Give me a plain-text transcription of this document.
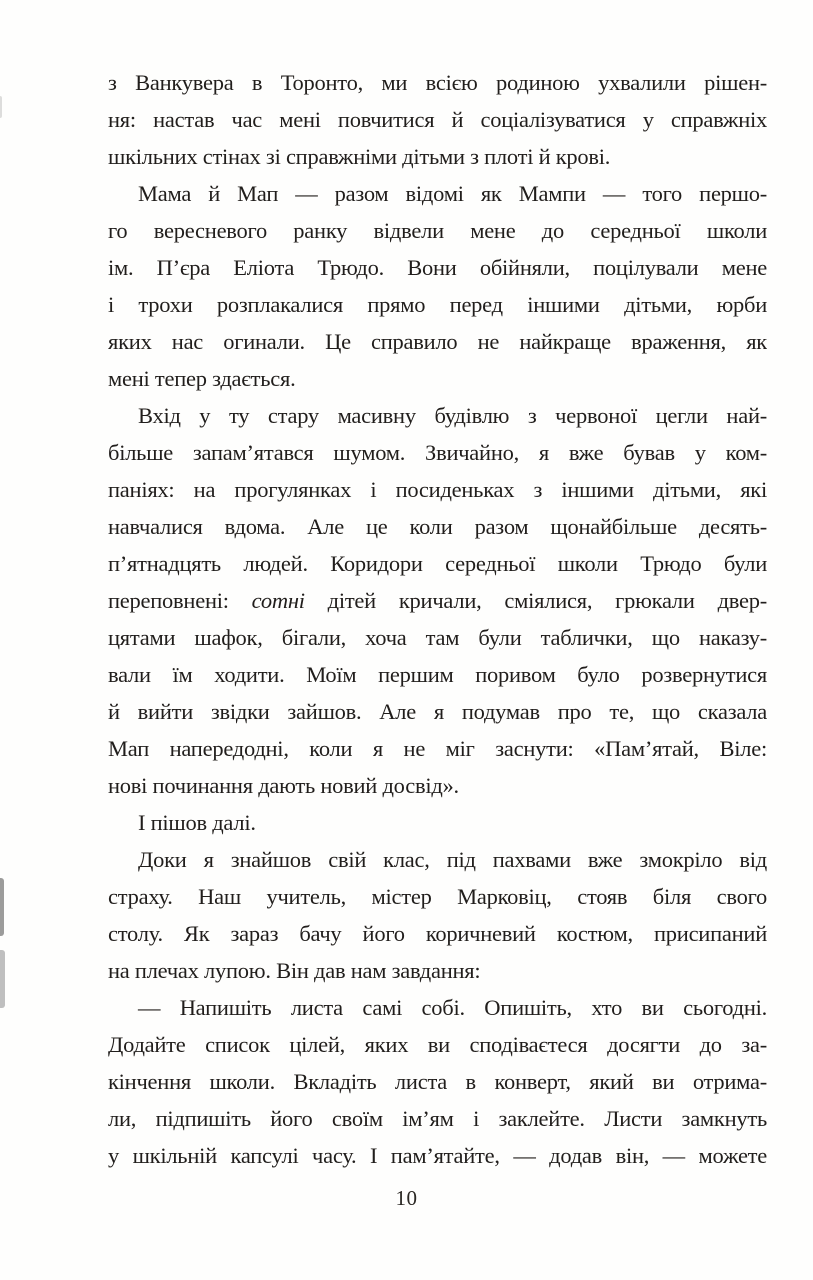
з Ванкувера в Торонто, ми всією родиною ухвалили рішен-
ня: настав час мені повчитися й соціалізуватися у справжніх
шкільних стінах зі справжніми дітьми з плоті й крові.
Мама й Мап — разом відомі як Мампи — того першо-
го вересневого ранку відвели мене до середньої школи
ім. П’єра Еліота Трюдо. Вони обійняли, поцілували мене
і трохи розплакалися прямо перед іншими дітьми, юрби
яких нас огинали. Це справило не найкраще враження, як
мені тепер здається.
Вхід у ту стару масивну будівлю з червоної цегли най-
більше запам’ятався шумом. Звичайно, я вже бував у ком-
паніях: на прогулянках і посиденьках з іншими дітьми, які
навчалися вдома. Але це коли разом щонайбільше десять-
п’ятнадцять людей. Коридори середньої школи Трюдо були
переповнені: сотні дітей кричали, сміялися, грюкали двер-
цятами шафок, бігали, хоча там були таблички, що наказу-
вали їм ходити. Моїм першим поривом було розвернутися
й вийти звідки зайшов. Але я подумав про те, що сказала
Мап напередодні, коли я не міг заснути: «Пам’ятай, Віле:
нові починання дають новий досвід».
І пішов далі.
Доки я знайшов свій клас, під пахвами вже змокріло від
страху. Наш учитель, містер Марковіц, стояв біля свого
столу. Як зараз бачу його коричневий костюм, присипаний
на плечах лупою. Він дав нам завдання:
— Напишіть листа самі собі. Опишіть, хто ви сьогодні.
Додайте список цілей, яких ви сподіваєтеся досягти до за-
кінчення школи. Вкладіть листа в конверт, який ви отрима-
ли, підпишіть його своїм ім’ям і заклейте. Листи замкнуть
у шкільній капсулі часу. І пам’ятайте, — додав він, — можете
10
